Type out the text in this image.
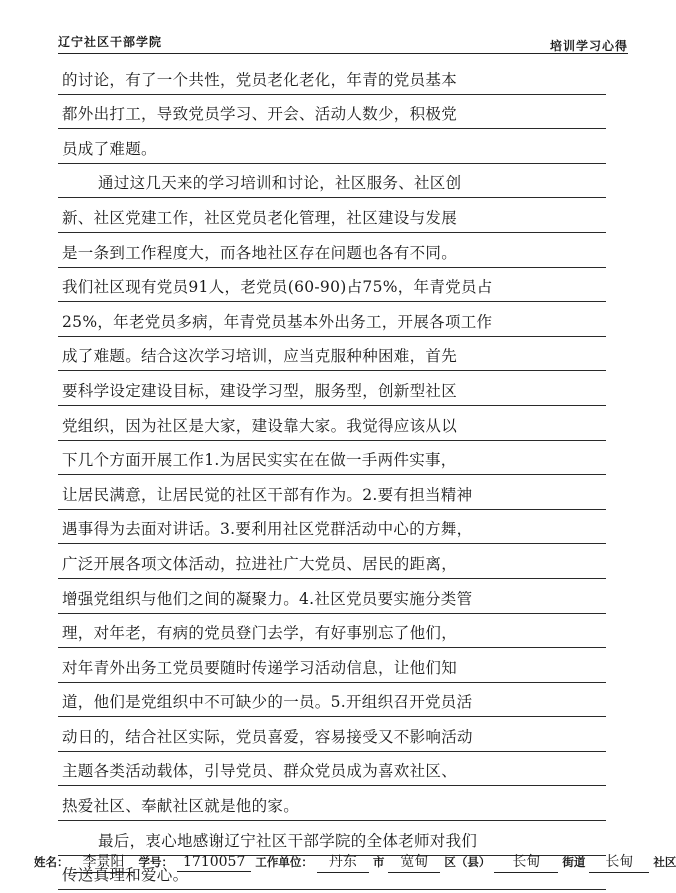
辽宁社区干部学院	培训学习心得
的讨论，有了一个共性，党员老化老化，年青的党员基本
都外出打工，导致党员学习、开会、活动人数少，积极党
员成了难题。
通过这几天来的学习培训和讨论，社区服务、社区创
新、社区党建工作，社区党员老化管理，社区建设与发展
是一条到工作程度大，而各地社区存在问题也各有不同。
我们社区现有党员91人，老党员(60-90)占75%，年青党员占
25%，年老党员多病，年青党员基本外出务工，开展各项工作
成了难题。结合这次学习培训，应当克服种种困难，首先
要科学设定建设目标，建设学习型，服务型，创新型社区
党组织，因为社区是大家，建设靠大家。我觉得应该从以
下几个方面开展工作1.为居民实实在在做一手两件实事，
让居民满意，让居民觉的社区干部有作为。2.要有担当精神
遇事得为去面对讲话。3.要利用社区党群活动中心的方舞，
广泛开展各项文体活动，拉进社广大党员、居民的距离，
增强党组织与他们之间的凝聚力。4.社区党员要实施分类管
理，对年老，有病的党员登门去学，有好事别忘了他们，
对年青外出务工党员要随时传递学习活动信息，让他们知
道，他们是党组织中不可缺少的一员。5.开组织召开党员活
动日的，结合社区实际，党员喜爱，容易接受又不影响活动
主题各类活动载体，引导党员、群众党员成为喜欢社区、
热爱社区、奉献社区就是他的家。
最后，衷心地感谢辽宁社区干部学院的全体老师对我们
传送真理和爱心。
姓名：	李景阳	学号： 1710057 工作单位：	丹东	市	宽甸	区（县）	长甸	街道	长甸	社区
